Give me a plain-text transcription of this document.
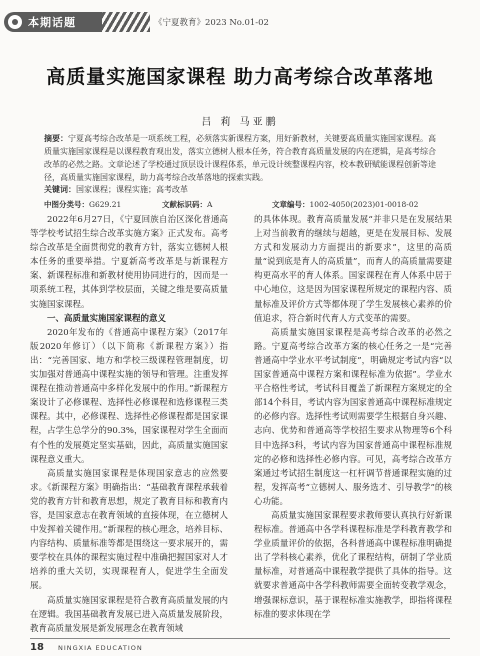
本期话题	《宁夏教育》2023 No.01-02
高质量实施国家课程 助力高考综合改革落地
吕 莉 马亚鹏
摘要：宁夏高考综合改革是一项系统工程，必须落实新课程方案，用好新教材，关键要高质量实施国家课程。高质量实施国家课程是以课程教育观出发，落实立德树人根本任务，符合教育高质量发展的内在逻辑，是高考综合改革的必然之路。文章论述了学校通过顶层设计课程体系，单元设计统整课程内容，校本教研赋能课程创新等途径，高质量实施国家课程，助力高考综合改革落地的探索实践。
关键词：国家课程；课程实施；高考改革
中图分类号：G629.21	文献标识码：A	文章编号：1002-4050(2023)01-0018-02

2022年6月27日，《宁夏回族自治区深化普通高等学校考试招生综合改革实施方案》正式发布。高考综合改革是全面贯彻党的教育方针，落实立德树人根本任务的重要举措。宁夏新高考改革是与新课程方案、新课程标准和新教材使用协同进行的，因而是一项系统工程，其体到学校层面，关键之维是要高质量实施国家课程。

一、高质量实施国家课程的意义

2020年发布的《普通高中课程方案》（2017年版2020年修订）（以下简称《新课程方案》）指出：“完善国家、地方和学校三级课程管理制度，切实加强对普通高中课程实施的领导和管理。注重发挥课程在推动普通高中多样化发展中的作用。”新课程方案设计了必修课程、选择性必修课程和选修课程三类课程。其中，必修课程、选择性必修课程都是国家课程，占学生总学分的90.3%，国家课程对学生全面而有个性的发展奠定坚实基础，因此，高质量实施国家课程意义重大。

高质量实施国家课程是体现国家意志的应然要求。《新课程方案》明确指出：“基础教育课程承载着党的教育方针和教育思想，规定了教育目标和教育内容，是国家意志在教育领域的直接体现，在立德树人中发挥着关键作用。”新课程的核心理念，培养目标、内容结构、质量标准等都是围绕这一要求展开的，需要学校在具体的课程实施过程中准确把握国家对人才培养的重大关切，实现课程育人，促进学生全面发展。

高质量实施国家课程是符合教育高质量发展的内在逻辑。我国基础教育发展已进入高质量发展阶段，教育高质量发展是新发展理念在教育领域

的具体体现。教育高质量发展“并非只是在发展结果上对当前教育的继续与超越，更是在发展目标、发展方式和发展动力方面提出的新要求”，这里的高质量“说到底是育人的高质量”，而育人的高质量需要建构更高水平的育人体系。国家课程在育人体系中居于中心地位，这是因为国家课程所规定的课程内容、质量标准及评价方式等都体现了学生发展核心素养的价值追求，符合新时代育人方式变革的需要。

高质量实施国家课程是高考综合改革的必然之路。宁夏高考综合改革方案的核心任务之一是“完善普通高中学业水平考试制度”，明确规定考试内容“以国家普通高中课程方案和课程标准为依据”。学业水平合格性考试，考试科目覆盖了新课程方案规定的全部14个科目，考试内容为国家普通高中课程标准规定的必修内容。选择性考试则需要学生根据自身兴趣、志向、优势和普通高等学校招生要求从物理等6个科目中选择3科，考试内容为国家普通高中课程标准规定的必修和选择性必修内容。可见，高考综合改革方案通过考试招生制度这一杠杆调节普通课程实施的过程，发挥高考“立德树人、服务选才、引导教学”的核心功能。

高质量实施国家课程要求教师要认真执行好新课程标准。普通高中各学科课程标准是学科教育教学和学业质量评价的依据，各科普通高中课程标准明确提出了学科核心素养，优化了课程结构，研制了学业质量标准，对普通高中课程教学提供了具体的指导。这就要求普通高中各学科教师需要全面转变教学观念，增强课标意识，基于课程标准实施教学，即指将课程标准的要求体现在学

18 NINGXIA EDUCATION
